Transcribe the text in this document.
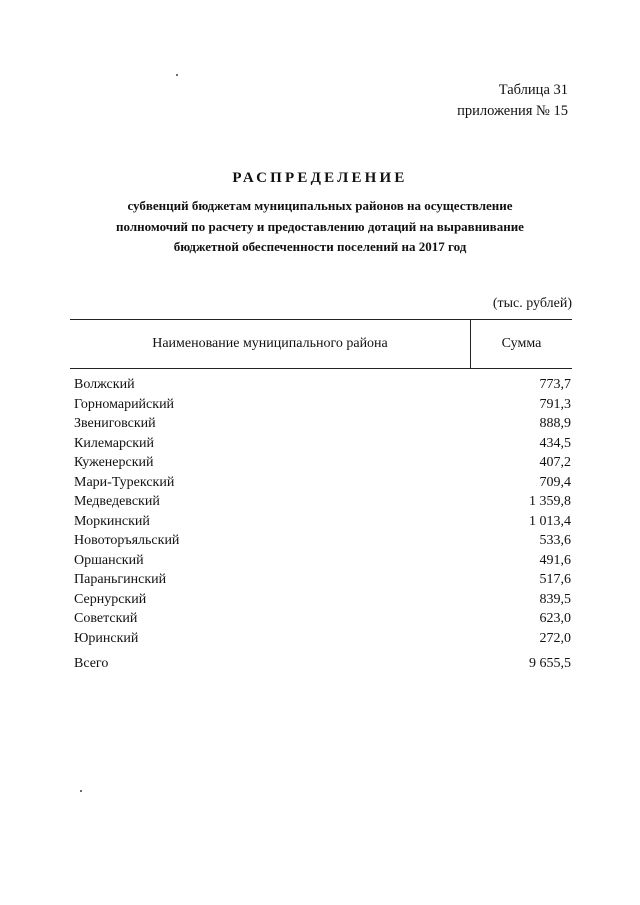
Таблица 31
приложения № 15
РАСПРЕДЕЛЕНИЕ
субвенций бюджетам муниципальных районов на осуществление
полномочий по расчету и предоставлению дотаций на выравнивание
бюджетной обеспеченности поселений на 2017 год
(тыс. рублей)
Наименование муниципального района	Сумма
Волжский	773,7
Горномарийский	791,3
Звениговский	888,9
Килемарский	434,5
Куженерский	407,2
Мари-Турекский	709,4
Медведевский	1 359,8
Моркинский	1 013,4
Новоторъяльский	533,6
Оршанский	491,6
Параньгинский	517,6
Сернурский	839,5
Советский	623,0
Юринский	272,0
Всего	9 655,5
